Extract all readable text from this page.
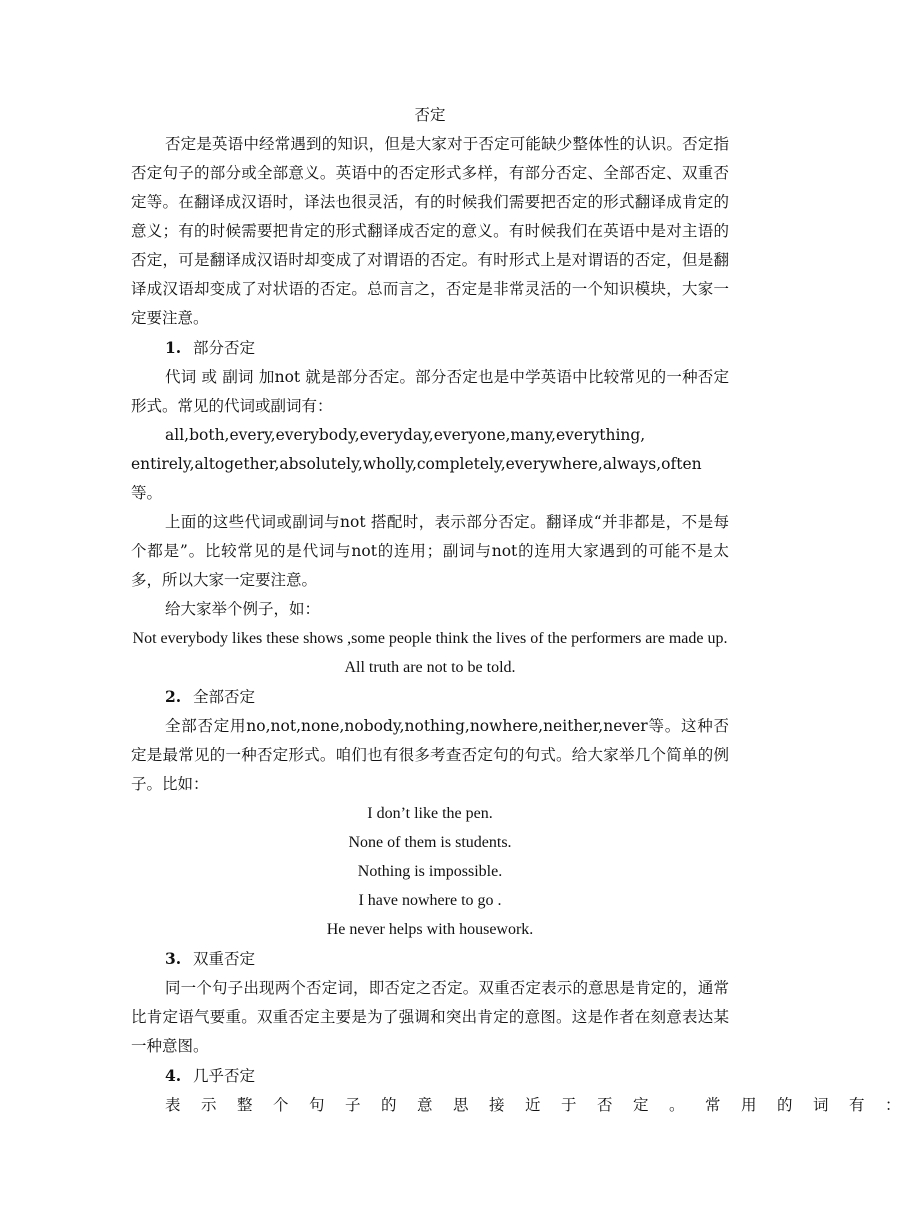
否定

否定是英语中经常遇到的知识，但是大家对于否定可能缺少整体性的认识。否定指否定句子的部分或全部意义。英语中的否定形式多样，有部分否定、全部否定、双重否定等。在翻译成汉语时，译法也很灵活，有的时候我们需要把否定的形式翻译成肯定的意义；有的时候需要把肯定的形式翻译成否定的意义。有时候我们在英语中是对主语的否定，可是翻译成汉语时却变成了对谓语的否定。有时形式上是对谓语的否定，但是翻译成汉语却变成了对状语的否定。总而言之，否定是非常灵活的一个知识模块，大家一定要注意。

1. 部分否定

代词 或 副词 加not 就是部分否定。部分否定也是中学英语中比较常见的一种否定形式。常见的代词或副词有：

all,both,every,everybody,everyday,everyone,many,everything,
entirely,altogether,absolutely,wholly,completely,everywhere,always,often 等。

上面的这些代词或副词与not 搭配时，表示部分否定。翻译成“并非都是，不是每个都是”。比较常见的是代词与not的连用；副词与not的连用大家遇到的可能不是太多，所以大家一定要注意。

给大家举个例子，如：

Not everybody likes these shows ,some people think the lives of the performers are made up.

All truth are not to be told.

2. 全部否定

全部否定用no,not,none,nobody,nothing,nowhere,neither,never等。这种否定是最常见的一种否定形式。咱们也有很多考查否定句的句式。给大家举几个简单的例子。比如：

I don’t like the pen.

None of them is students.

Nothing is impossible.

I have nowhere to go .

He never helps with housework.

3. 双重否定

同一个句子出现两个否定词，即否定之否定。双重否定表示的意思是肯定的，通常比肯定语气要重。双重否定主要是为了强调和突出肯定的意图。这是作者在刻意表达某一种意图。

4. 几乎否定

表示整个句子的意思接近于否定。常用的词有：
